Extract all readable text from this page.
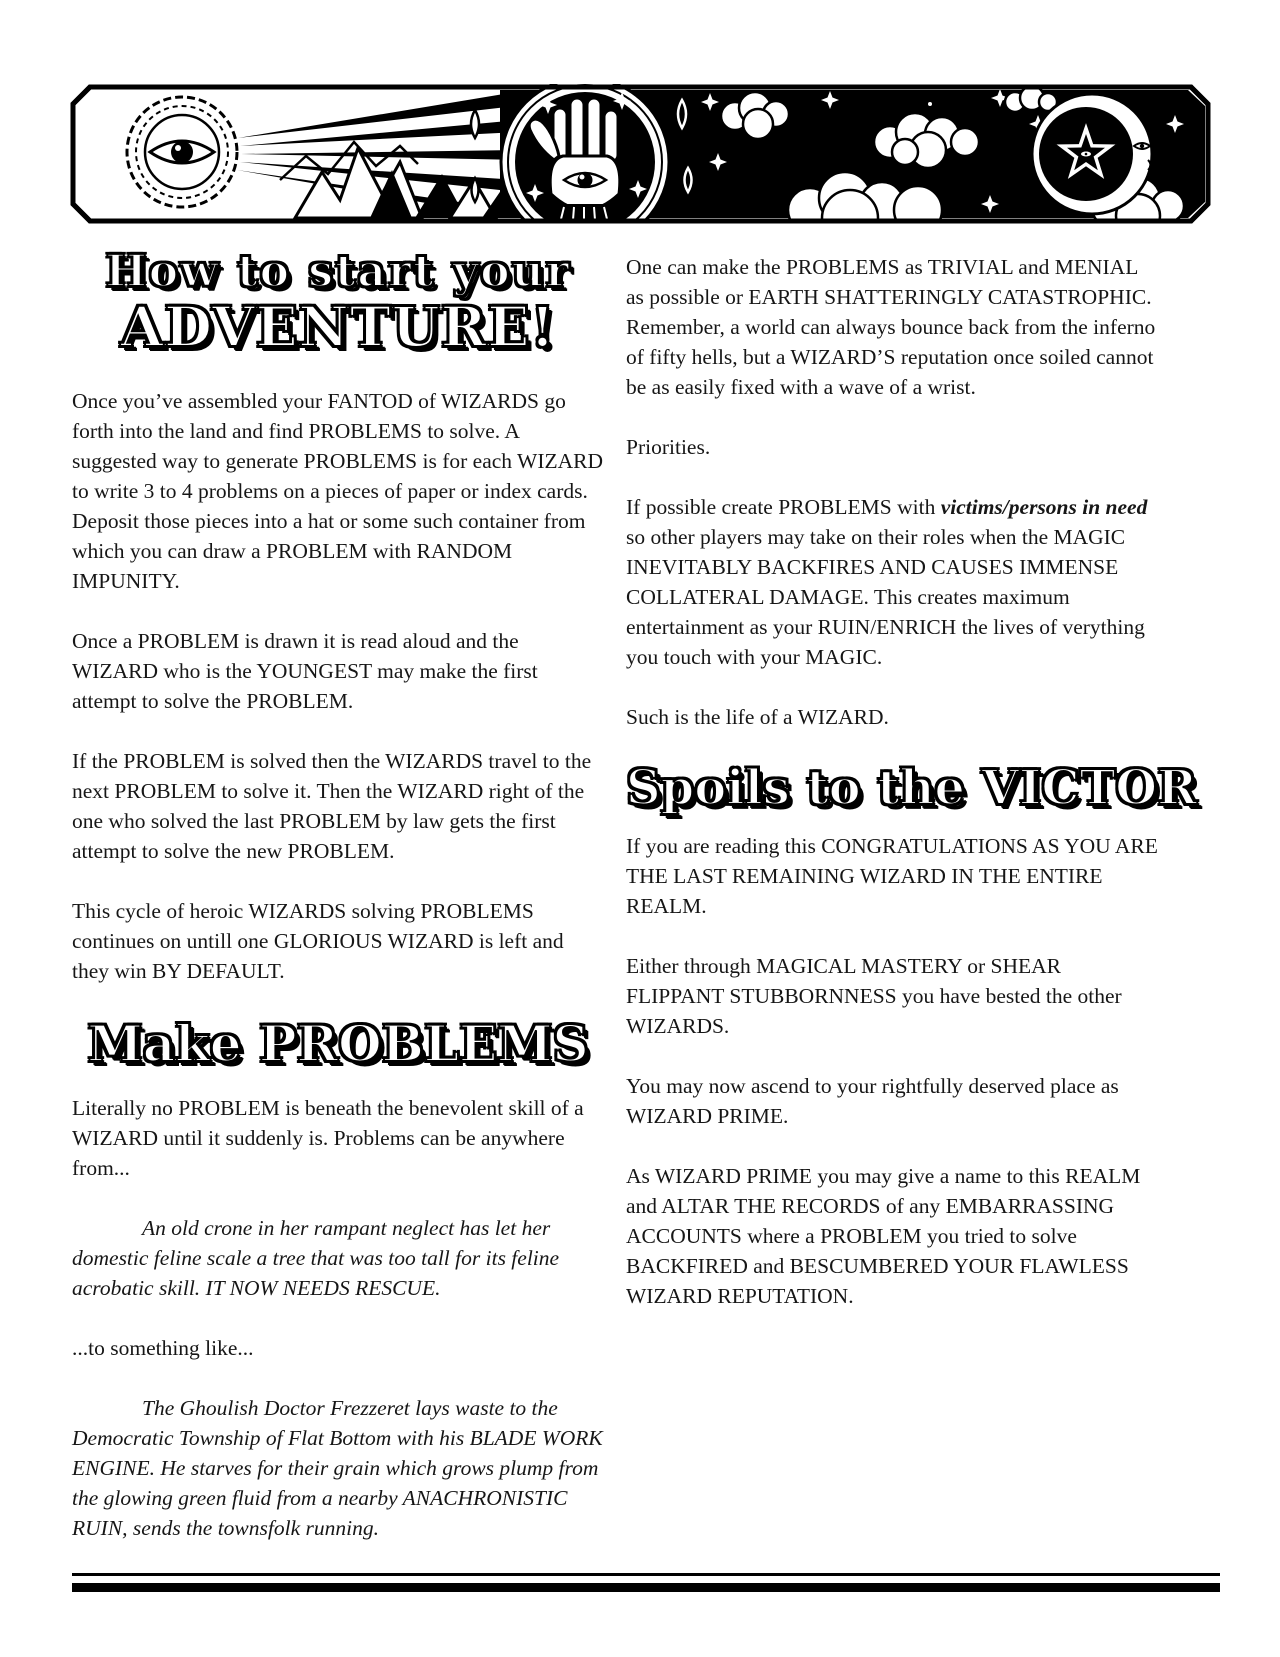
How to start your
ADVENTURE!

Once you’ve assembled your FANTOD of WIZARDS go forth into the land and find PROBLEMS to solve. A suggested way to generate PROBLEMS is for each WIZARD to write 3 to 4 problems on a pieces of paper or index cards. Deposit those pieces into a hat or some such container from which you can draw a PROBLEM with RANDOM IMPUNITY.

Once a PROBLEM is drawn it is read aloud and the WIZARD who is the YOUNGEST may make the first attempt to solve the PROBLEM.

If the PROBLEM is solved then the WIZARDS travel to the next PROBLEM to solve it. Then the WIZARD right of the one who solved the last PROBLEM by law gets the first attempt to solve the new PROBLEM.

This cycle of heroic WIZARDS solving PROBLEMS continues on untill one GLORIOUS WIZARD is left and they win BY DEFAULT.

Make PROBLEMS

Literally no PROBLEM is beneath the benevolent skill of a WIZARD until it suddenly is. Problems can be anywhere from...

An old crone in her rampant neglect has let her domestic feline scale a tree that was too tall for its feline acrobatic skill. IT NOW NEEDS RESCUE.

...to something like...

The Ghoulish Doctor Frezzeret lays waste to the Democratic Township of Flat Bottom with his BLADE WORK ENGINE. He starves for their grain which grows plump from the glowing green fluid from a nearby ANACHRONISTIC RUIN, sends the townsfolk running.

One can make the PROBLEMS as TRIVIAL and MENIAL as possible or EARTH SHATTERINGLY CATASTROPHIC. Remember, a world can always bounce back from the inferno of fifty hells, but a WIZARD’S reputation once soiled cannot be as easily fixed with a wave of a wrist.

Priorities.

If possible create PROBLEMS with victims/persons in need so other players may take on their roles when the MAGIC INEVITABLY BACKFIRES AND CAUSES IMMENSE COLLATERAL DAMAGE. This creates maximum entertainment as your RUIN/ENRICH the lives of verything you touch with your MAGIC.

Such is the life of a WIZARD.

Spoils to the VICTOR

If you are reading this CONGRATULATIONS AS YOU ARE THE LAST REMAINING WIZARD IN THE ENTIRE REALM.

Either through MAGICAL MASTERY or SHEAR FLIPPANT STUBBORNNESS you have bested the other WIZARDS.

You may now ascend to your rightfully deserved place as WIZARD PRIME.

As WIZARD PRIME you may give a name to this REALM and ALTAR THE RECORDS of any EMBARRASSING ACCOUNTS where a PROBLEM you tried to solve BACKFIRED and BESCUMBERED YOUR FLAWLESS WIZARD REPUTATION.
